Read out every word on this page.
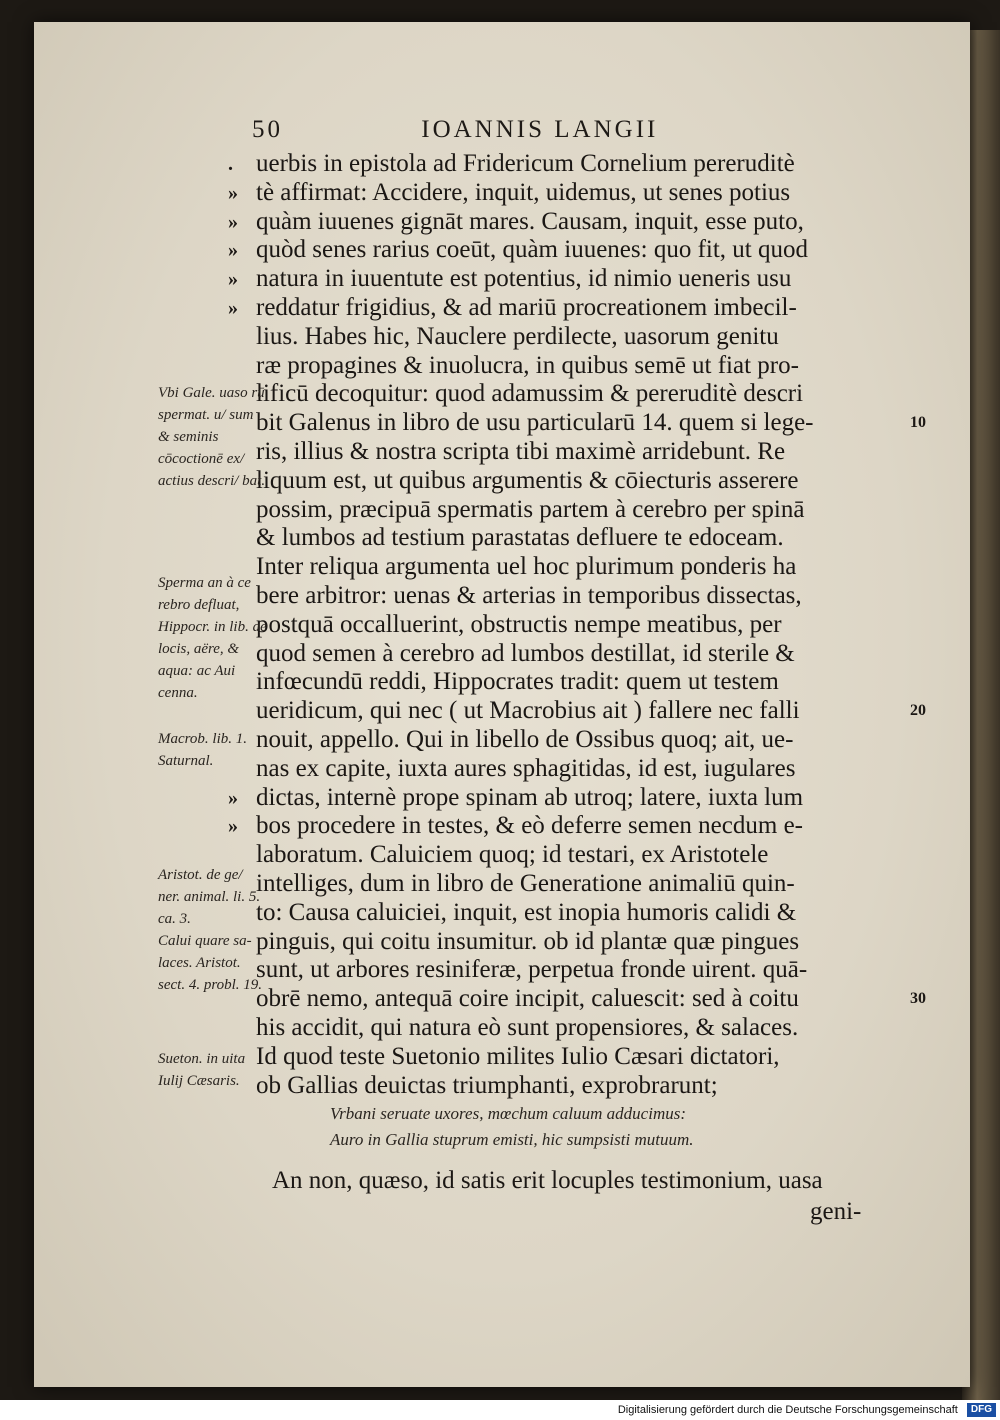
50	IOANNIS LANGII
. uerbis in epistola ad Fridericum Cornelium pereruditè
» tè affirmat: Accidere, inquit, uidemus, ut senes potius
» quàm iuuenes gignāt mares. Causam, inquit, esse puto,
» quòd senes rarius coeūt, quàm iuuenes: quo fit, ut quod
» natura in iuuentute est potentius, id nimio ueneris usu
» reddatur frigidius, & ad mariū procreationem imbecil-
lius. Habes hic, Nauclere perdilecte, uasorum genitu
ræ propagines & inuolucra, in quibus semē ut fiat pro-
lificū decoquitur: quod adamussim & pereruditè descri
bit Galenus in libro de usu particularū 14. quem si lege-	10
ris, illius & nostra scripta tibi maximè arridebunt. Re
liquum est, ut quibus argumentis & cōiecturis asserere
possim, præcipuā spermatis partem à cerebro per spinā
& lumbos ad testium parastatas defluere te edoceam.
Inter reliqua argumenta uel hoc plurimum ponderis ha
bere arbitror: uenas & arterias in temporibus dissectas,
postquā occalluerint, obstructis nempe meatibus, per
quod semen à cerebro ad lumbos destillat, id sterile &
infœcundū reddi, Hippocrates tradit: quem ut testem
ueridicum, qui nec ( ut Macrobius ait ) fallere nec falli	20
nouit, appello. Qui in libello de Ossibus quoq; ait, ue-
nas ex capite, iuxta aures sphagitidas, id est, iugulares
» dictas, internè prope spinam ab utroq; latere, iuxta lum
» bos procedere in testes, & eò deferre semen necdum e-
laboratum. Caluiciem quoq; id testari, ex Aristotele
intelliges, dum in libro de Generatione animaliū quin-
to: Causa caluiciei, inquit, est inopia humoris calidi &
pinguis, qui coitu insumitur. ob id plantæ quæ pingues
sunt, ut arbores resiniferæ, perpetua fronde uirent. quā-
obrē nemo, antequā coire incipit, caluescit: sed à coitu	30
his accidit, qui natura eò sunt propensiores, & salaces.
Id quod teste Suetonio milites Iulio Cæsari dictatori,
ob Gallias deuictas triumphanti, exprobrarunt;
Vbi Gale. uaso rū spermat. u/ sum & seminis cōcoctionē ex/ actius descri/ bat.
Sperma an à ce rebro defluat, Hippocr. in lib. de locis, aëre, & aqua: ac Aui cenna.
Macrob. lib. 1. Saturnal.
Aristot. de ge/ ner. animal. li. 5. ca. 3.
Calui quare sa- laces. Aristot. sect. 4. probl. 19.
Sueton. in uita Iulij Cæsaris.
Vrbani seruate uxores, mœchum caluum adducimus:
Auro in Gallia stuprum emisti, hic sumpsisti mutuum.
An non, quæso, id satis erit locuples testimonium, uasa
geni-
Digitalisierung gefördert durch die Deutsche Forschungsgemeinschaft DFG
